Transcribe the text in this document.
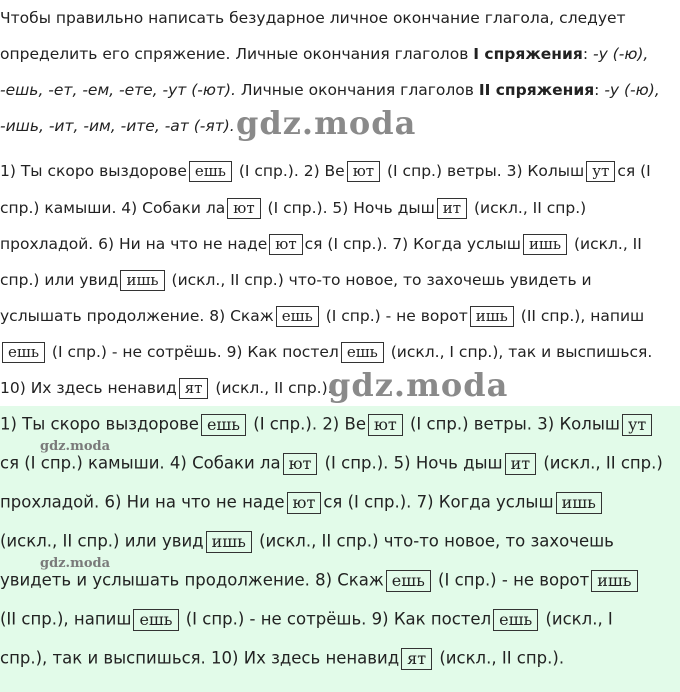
Чтобы правильно написать безударное личное окончание глагола, следует
определить его спряжение. Личные окончания глаголов I спряжения: -у (-ю),
-ешь, -ет, -ем, -ете, -ут (-ют). Личные окончания глаголов II спряжения: -у (-ю),
-ишь, -ит, -им, -ите, -ат (-ят). gdz.moda
1) Ты скоро выздорове ешь (I спр.). 2) Ве ют (I спр.) ветры. 3) Колыш ут ся (I
спр.) камыши. 4) Собаки ла ют (I спр.). 5) Ночь дыш ит (искл., II спр.)
прохладой. 6) Ни на что не наде ют ся (I спр.). 7) Когда услыш ишь (искл., II
спр.) или увид ишь (искл., II спр.) что-то новое, то захочешь увидеть и
услышать продолжение. 8) Скаж ешь (I спр.) - не ворот ишь (II спр.), напиш
ешь (I спр.) - не сотрёшь. 9) Как постел ешь (искл., I спр.), так и выспишься.
10) Их здесь ненавид ят (искл., II спр.).
gdz.moda
1) Ты скоро выздорове ешь (I спр.). 2) Ве ют (I спр.) ветры. 3) Колыш ут
ся (I спр.) камыши. 4) Собаки ла ют (I спр.). 5) Ночь дыш ит (искл., II спр.)
прохладой. 6) Ни на что не наде ют ся (I спр.). 7) Когда услыш ишь
(искл., II спр.) или увид ишь (искл., II спр.) что-то новое, то захочешь
увидеть и услышать продолжение. 8) Скаж ешь (I спр.) - не ворот ишь
(II спр.), напиш ешь (I спр.) - не сотрёшь. 9) Как постел ешь (искл., I
спр.), так и выспишься. 10) Их здесь ненавид ят (искл., II спр.).
gdz.moda
gdz.moda
